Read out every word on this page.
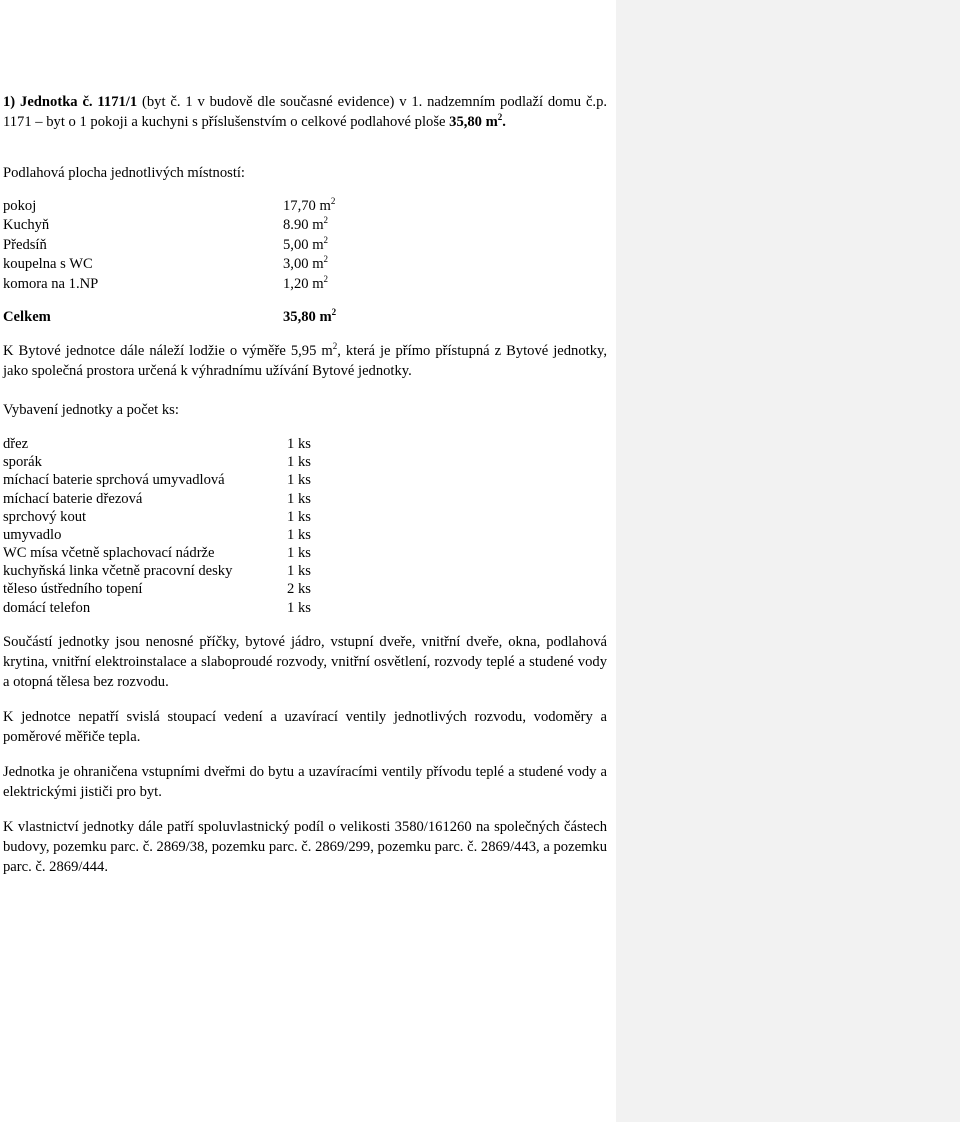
1) Jednotka č. 1171/1 (byt č. 1 v budově dle současné evidence) v 1. nadzemním podlaží domu č.p. 1171 – byt o 1 pokoji a kuchyni s příslušenstvím o celkové podlahové ploše 35,80 $m^2$.

Podlahová plocha jednotlivých místností:

pokoj	17,70 $m^2$
Kuchyň	8.90 $m^2$
Předsíň	5,00 $m^2$
koupelna s WC	3,00 $m^2$
komora na 1.NP	1,20 $m^2$
Celkem	35,80 $m^2$

K Bytové jednotce dále náleží lodžie o výměře 5,95 $m^2$, která je přímo přístupná z Bytové jednotky, jako společná prostora určená k výhradnímu užívání Bytové jednotky.

Vybavení jednotky a počet ks:

dřez	1 ks
sporák	1 ks
míchací baterie sprchová umyvadlová	1 ks
míchací baterie dřezová	1 ks
sprchový kout	1 ks
umyvadlo	1 ks
WC mísa včetně splachovací nádrže	1 ks
kuchyňská linka včetně pracovní desky	1 ks
těleso ústředního topení	2 ks
domácí telefon	1 ks

Součástí jednotky jsou nenosné příčky, bytové jádro, vstupní dveře, vnitřní dveře, okna, podlahová krytina, vnitřní elektroinstalace a slaboproudé rozvody, vnitřní osvětlení, rozvody teplé a studené vody a otopná tělesa bez rozvodu.

K jednotce nepatří svislá stoupací vedení a uzavírací ventily jednotlivých rozvodu, vodoměry a poměrové měřiče tepla.

Jednotka je ohraničena vstupními dveřmi do bytu a uzavíracími ventily přívodu teplé a studené vody a elektrickými jističi pro byt.

K vlastnictví jednotky dále patří spoluvlastnický podíl o velikosti 3580/161260 na společných částech budovy, pozemku parc. č. 2869/38, pozemku parc. č. 2869/299, pozemku parc. č. 2869/443, a pozemku parc. č. 2869/444.
